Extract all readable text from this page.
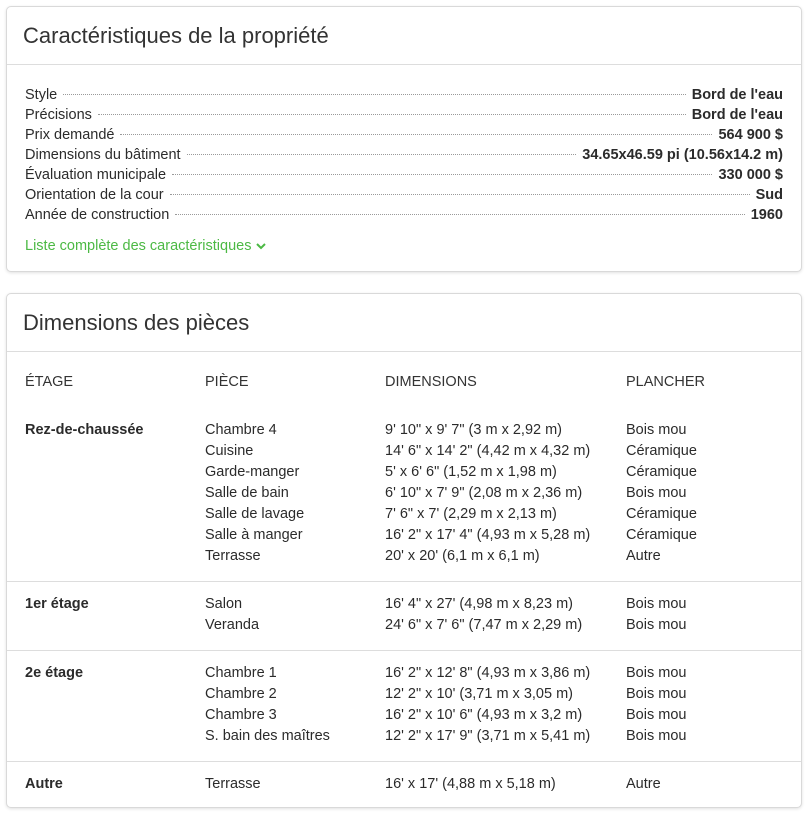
Caractéristiques de la propriété
Style	Bord de l'eau
Précisions	Bord de l'eau
Prix demandé	564 900 $
Dimensions du bâtiment	34.65x46.59 pi (10.56x14.2 m)
Évaluation municipale	330 000 $
Orientation de la cour	Sud
Année de construction	1960
Liste complète des caractéristiques
Dimensions des pièces
ÉTAGE	PIÈCE	DIMENSIONS	PLANCHER
Rez-de-chaussée	Chambre 4	9' 10" x 9' 7" (3 m x 2,92 m)	Bois mou
	Cuisine	14' 6" x 14' 2" (4,42 m x 4,32 m)	Céramique
	Garde-manger	5' x 6' 6" (1,52 m x 1,98 m)	Céramique
	Salle de bain	6' 10" x 7' 9" (2,08 m x 2,36 m)	Bois mou
	Salle de lavage	7' 6" x 7' (2,29 m x 2,13 m)	Céramique
	Salle à manger	16' 2" x 17' 4" (4,93 m x 5,28 m)	Céramique
	Terrasse	20' x 20' (6,1 m x 6,1 m)	Autre
1er étage	Salon	16' 4" x 27' (4,98 m x 8,23 m)	Bois mou
	Veranda	24' 6" x 7' 6" (7,47 m x 2,29 m)	Bois mou
2e étage	Chambre 1	16' 2" x 12' 8" (4,93 m x 3,86 m)	Bois mou
	Chambre 2	12' 2" x 10' (3,71 m x 3,05 m)	Bois mou
	Chambre 3	16' 2" x 10' 6" (4,93 m x 3,2 m)	Bois mou
	S. bain des maîtres	12' 2" x 17' 9" (3,71 m x 5,41 m)	Bois mou
Autre	Terrasse	16' x 17' (4,88 m x 5,18 m)	Autre
